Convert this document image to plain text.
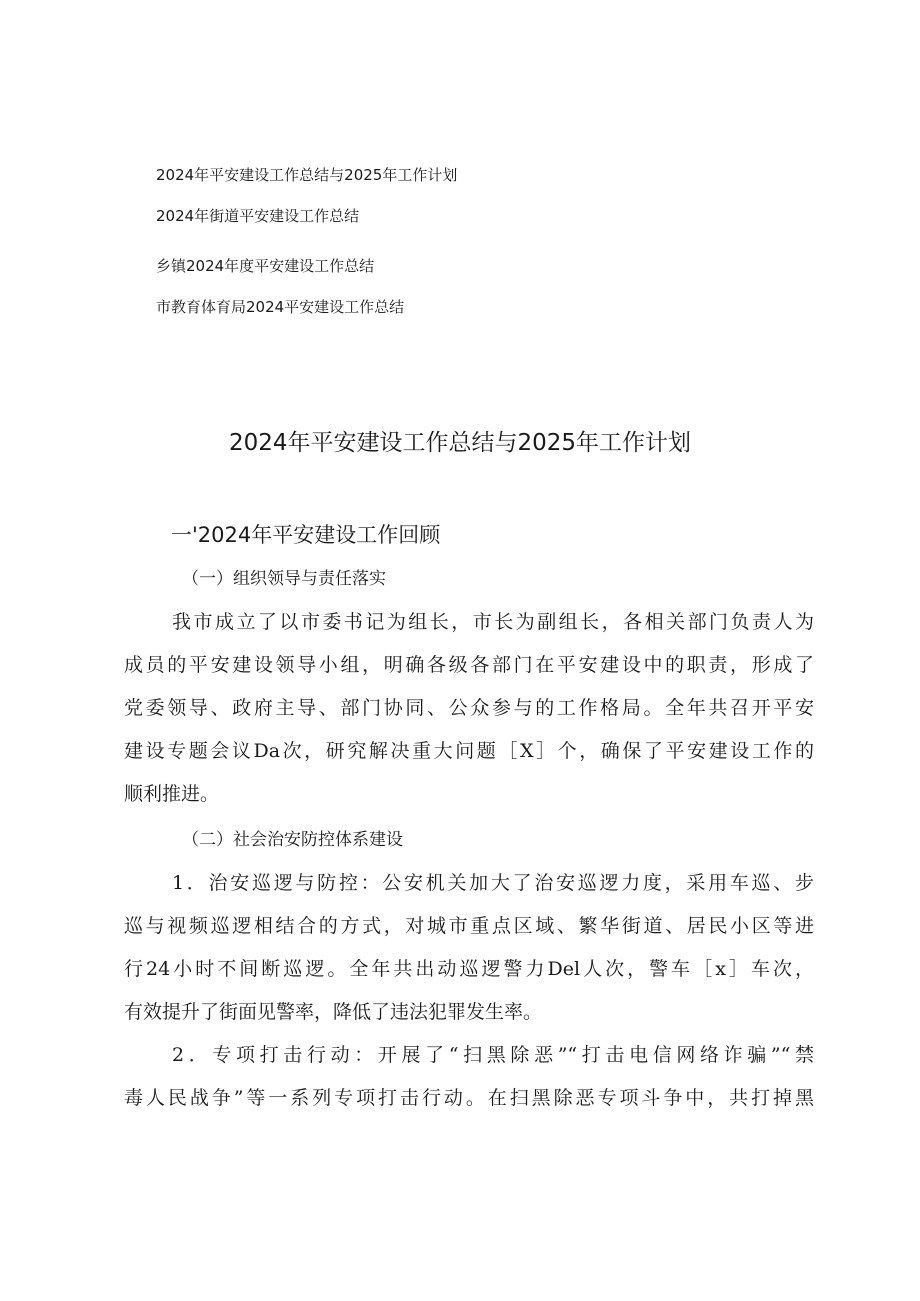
2024年平安建设工作总结与2025年工作计划
2024年街道平安建设工作总结
乡镇2024年度平安建设工作总结
市教育体育局2024平安建设工作总结
2024年平安建设工作总结与2025年工作计划
一'2024年平安建设工作回顾
（一）组织领导与责任落实
我市成立了以市委书记为组长，市长为副组长，各相关部门负责人为
成员的平安建设领导小组，明确各级各部门在平安建设中的职责，形成了
党委领导、政府主导、部门协同、公众参与的工作格局。全年共召开平安
建设专题会议Da次，研究解决重大问题［X］个，确保了平安建设工作的
顺利推进。
（二）社会治安防控体系建设
1．治安巡逻与防控：公安机关加大了治安巡逻力度，采用车巡、步
巡与视频巡逻相结合的方式，对城市重点区域、繁华街道、居民小区等进
行24小时不间断巡逻。全年共出动巡逻警力Del人次，警车［x］车次，
有效提升了街面见警率，降低了违法犯罪发生率。
2．专项打击行动：开展了“扫黑除恶”“打击电信网络诈骗”“禁
毒人民战争”等一系列专项打击行动。在扫黑除恶专项斗争中，共打掉黑
